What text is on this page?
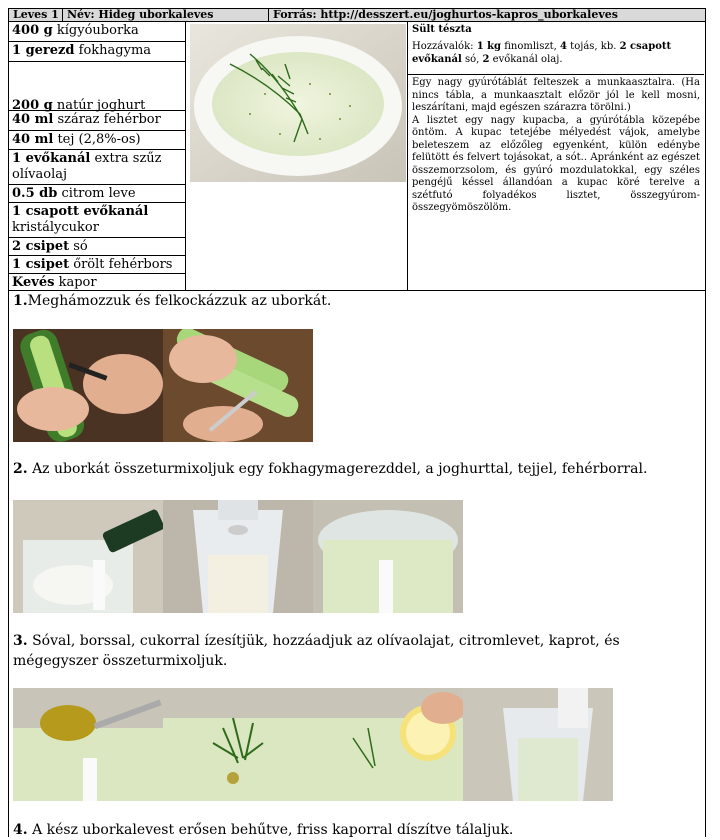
Leves 1 Név: Hideg uborkaleves	Forrás: http://desszert.eu/joghurtos-kapros_uborkaleves
400 g kígyóuborka
1 gerezd fokhagyma
200 g natúr joghurt
40 ml száraz fehérbor
40 ml tej (2,8%-os)
1 evőkanál extra szűz olívaolaj
0.5 db citrom leve
1 csapott evőkanál
kristálycukor
2 csipet só
1 csipet őrölt fehérbors
Kevés kapor
Sült tészta
Hozzávalók: 1 kg finomliszt, 4 tojás, kb. 2 csapott evőkanál só, 2 evőkanál olaj.
Egy nagy gyúrótáblát felteszek a munkaasztalra. (Ha nincs tábla, a munkaasztalt előzör jól le kell mosni, leszárítani, majd egészen szárazra törölni.)
A lisztet egy nagy kupacba, a gyúrótábla közepébe öntöm. A kupac tetejébe mélyedést vájok, amelybe beleteszem az előzőleg egyenként, külön edénybe felütött és felvert tojásokat, a sót.. Apránként az egészet összemorzsolom, és gyúró mozdulatokkal, egy széles pengéjű késsel állandóan a kupac köré terelve a szétfutó folyadékos lisztet, összegyúrom-összegyömöszölöm.
1.Meghámozzuk és felkockázzuk az uborkát.
2. Az uborkát összeturmixoljuk egy fokhagymagerezddel, a joghurttal, tejjel, fehérborral.
3. Sóval, borssal, cukorral ízesítjük, hozzáadjuk az olívaolajat, citromlevet, kaprot, és mégegyszer összeturmixoljuk.
4. A kész uborkalevest erősen behűtve, friss kaporral díszítve tálaljuk.
